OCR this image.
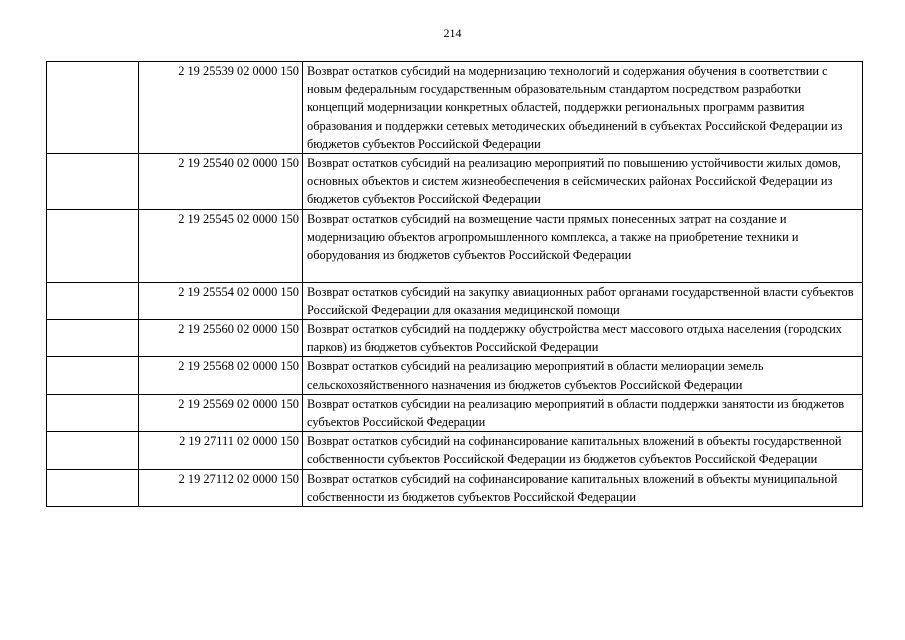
214
	2 19 25539 02 0000 150	Возврат остатков субсидий на модернизацию технологий и содержания обучения в соответствии с новым федеральным государственным образовательным стандартом посредством разработки концепций модернизации конкретных областей, поддержки региональных программ развития образования и поддержки сетевых методических объединений в субъектах Российской Федерации из бюджетов субъектов Российской Федерации
	2 19 25540 02 0000 150	Возврат остатков субсидий на реализацию мероприятий по повышению устойчивости жилых домов, основных объектов и систем жизнеобеспечения в сейсмических районах Российской Федерации из бюджетов субъектов Российской Федерации
	2 19 25545 02 0000 150	Возврат остатков субсидий на возмещение части прямых понесенных затрат на создание и модернизацию объектов агропромышленного комплекса, а также на приобретение техники и оборудования из бюджетов субъектов Российской Федерации
	2 19 25554 02 0000 150	Возврат остатков субсидий на закупку авиационных работ органами государственной власти субъектов Российской Федерации для оказания медицинской помощи
	2 19 25560 02 0000 150	Возврат остатков субсидий на поддержку обустройства мест массового отдыха населения (городских парков) из бюджетов субъектов Российской Федерации
	2 19 25568 02 0000 150	Возврат остатков субсидий на реализацию мероприятий в области мелиорации земель сельскохозяйственного назначения из бюджетов субъектов Российской Федерации
	2 19 25569 02 0000 150	Возврат остатков субсидии на реализацию мероприятий в области поддержки занятости из бюджетов субъектов Российской Федерации
	2 19 27111 02 0000 150	Возврат остатков субсидий на софинансирование капитальных вложений в объекты государственной собственности субъектов Российской Федерации из бюджетов субъектов Российской Федерации
	2 19 27112 02 0000 150	Возврат остатков субсидий на софинансирование капитальных вложений в объекты муниципальной собственности из бюджетов субъектов Российской Федерации
